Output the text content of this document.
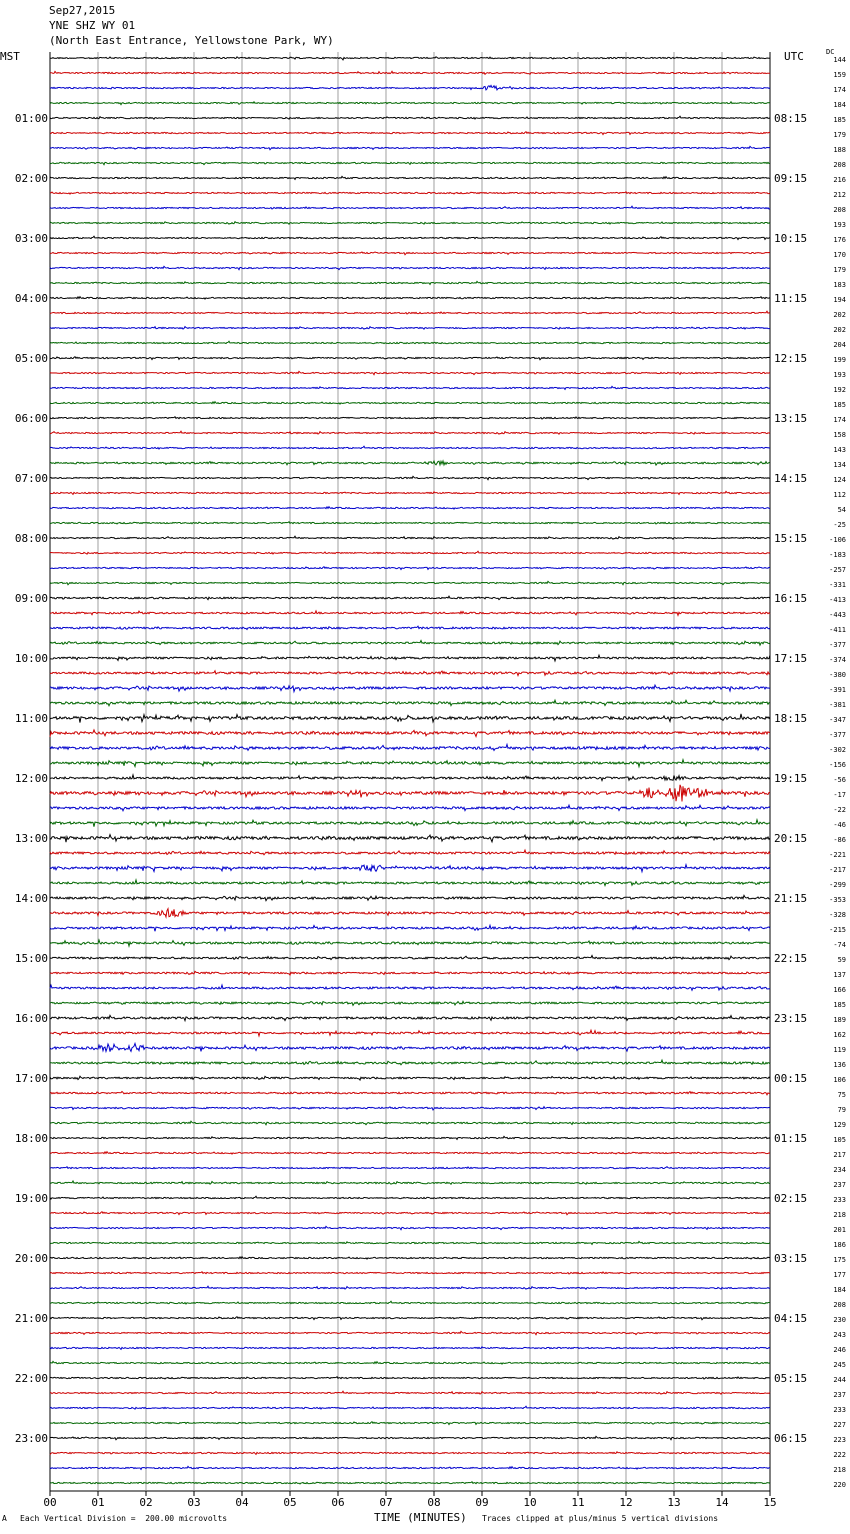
Sep27,2015
YNE SHZ WY 01
(North East Entrance, Yellowstone Park, WY)
MST	UTC	DC
00	01	02	03	04	05	06	07	08	09	10	11	12	13	14	15
144
159
174
184
185
179
188
208
216
212
208
193
176
170
179
183
194
202
202
204
199
193
192
185
174
158
143
134
124
112
54
-25
-106
-183
-257
-331
-413
-443
-411
-377
-374
-380
-391
-381
-347
-377
-302
-156
-56
-17
-22
-46
-86
-221
-217
-299
-353
-328
-215
-74
59
137
166
185
189
162
119
136
106
75
79
129
105
217
234
237
233
218
201
186
175
177
184
208
230
243
246
245
244
237
233
227
223
222
218
220
01:00	08:15
02:00	09:15
03:00	10:15
04:00	11:15
05:00	12:15
06:00	13:15
07:00	14:15
08:00	15:15
09:00	16:15
10:00	17:15
11:00	18:15
12:00	19:15
13:00	20:15
14:00	21:15
15:00	22:15
16:00	23:15
17:00	00:15
18:00	01:15
19:00	02:15
20:00	03:15
21:00	04:15
22:00	05:15
23:00	06:15
A Each Vertical Division =  200.00 microvolts	TIME (MINUTES) Traces clipped at plus/minus 5 vertical divisions
